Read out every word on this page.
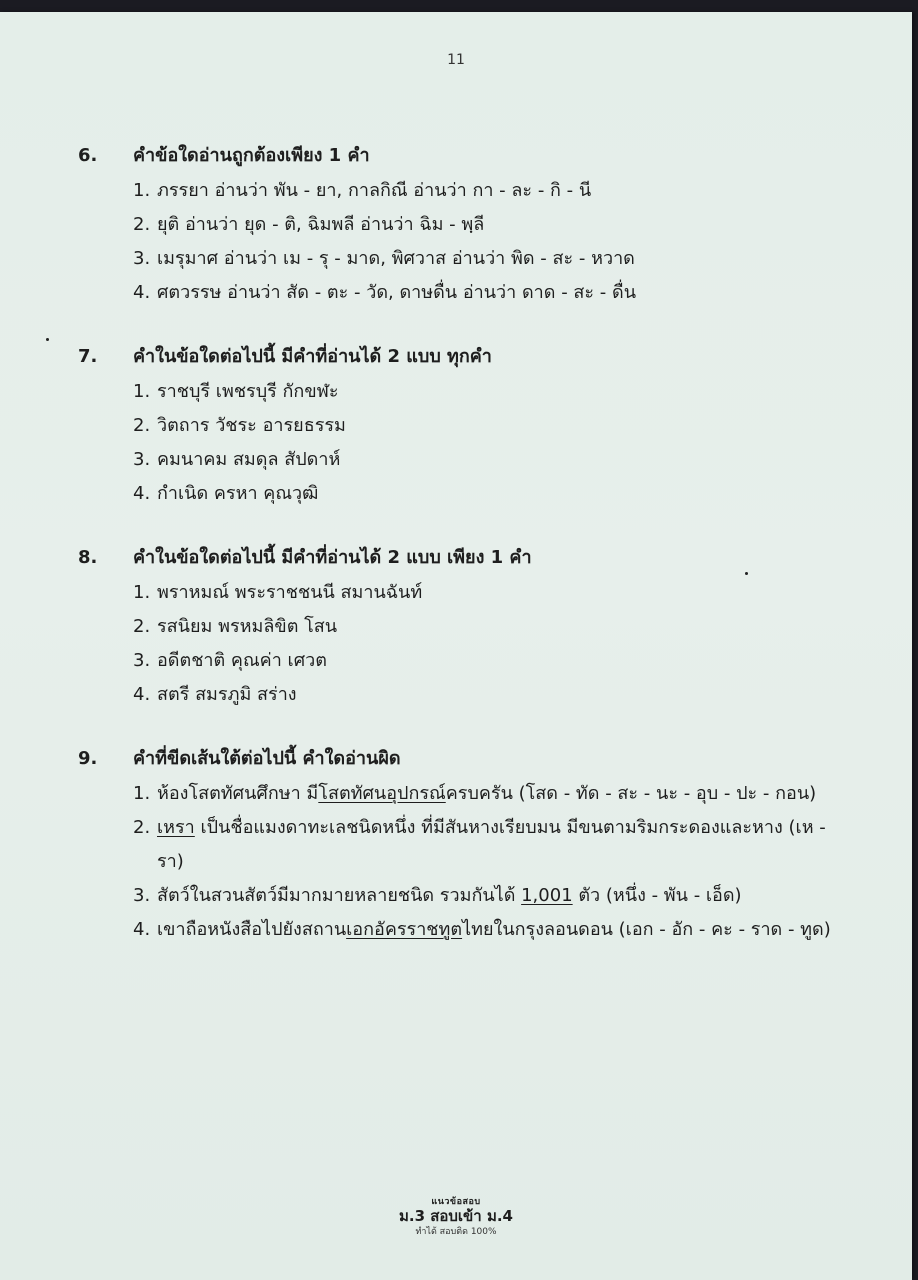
11
6.	คำข้อใดอ่านถูกต้องเพียง 1 คำ
1. ภรรยา อ่านว่า พัน - ยา, กาลกิณี อ่านว่า กา - ละ - กิ - นี
2. ยุติ อ่านว่า ยุด - ติ, ฉิมพลี อ่านว่า ฉิม - พฺลี
3. เมรุมาศ อ่านว่า เม - รุ - มาด, พิศวาส อ่านว่า พิด - สะ - หวาด
4. ศตวรรษ อ่านว่า สัด - ตะ - วัด, ดาษดื่น อ่านว่า ดาด - สะ - ดื่น
7.	คำในข้อใดต่อไปนี้ มีคำที่อ่านได้ 2 แบบ ทุกคำ
1. ราชบุรี เพชรบุรี กักขฬะ
2. วิตถาร วัชระ อารยธรรม
3. คมนาคม สมดุล สัปดาห์
4. กำเนิด ครหา คุณวุฒิ
8.	คำในข้อใดต่อไปนี้ มีคำที่อ่านได้ 2 แบบ เพียง 1 คำ
1. พราหมณ์ พระราชชนนี สมานฉันท์
2. รสนิยม พรหมลิขิต โสน
3. อดีตชาติ คุณค่า เศวต
4. สตรี สมรภูมิ สร่าง
9.	คำที่ขีดเส้นใต้ต่อไปนี้ คำใดอ่านผิด
1. ห้องโสตทัศนศึกษา มีโสตทัศนอุปกรณ์ครบครัน (โสด - ทัด - สะ - นะ - อุบ - ปะ - กอน)
2. เหรา เป็นชื่อแมงดาทะเลชนิดหนึ่ง ที่มีสันหางเรียบมน มีขนตามริมกระดองและหาง (เห - รา)
3. สัตว์ในสวนสัตว์มีมากมายหลายชนิด รวมกันได้ 1,001 ตัว (หนึ่ง - พัน - เอ็ด)
4. เขาถือหนังสือไปยังสถานเอกอัครราชทูตไทยในกรุงลอนดอน (เอก - อัก - คะ - ราด - ทูด)
แนวข้อสอบ
ม.3 สอบเข้า ม.4
ทำได้ สอบติด 100%
